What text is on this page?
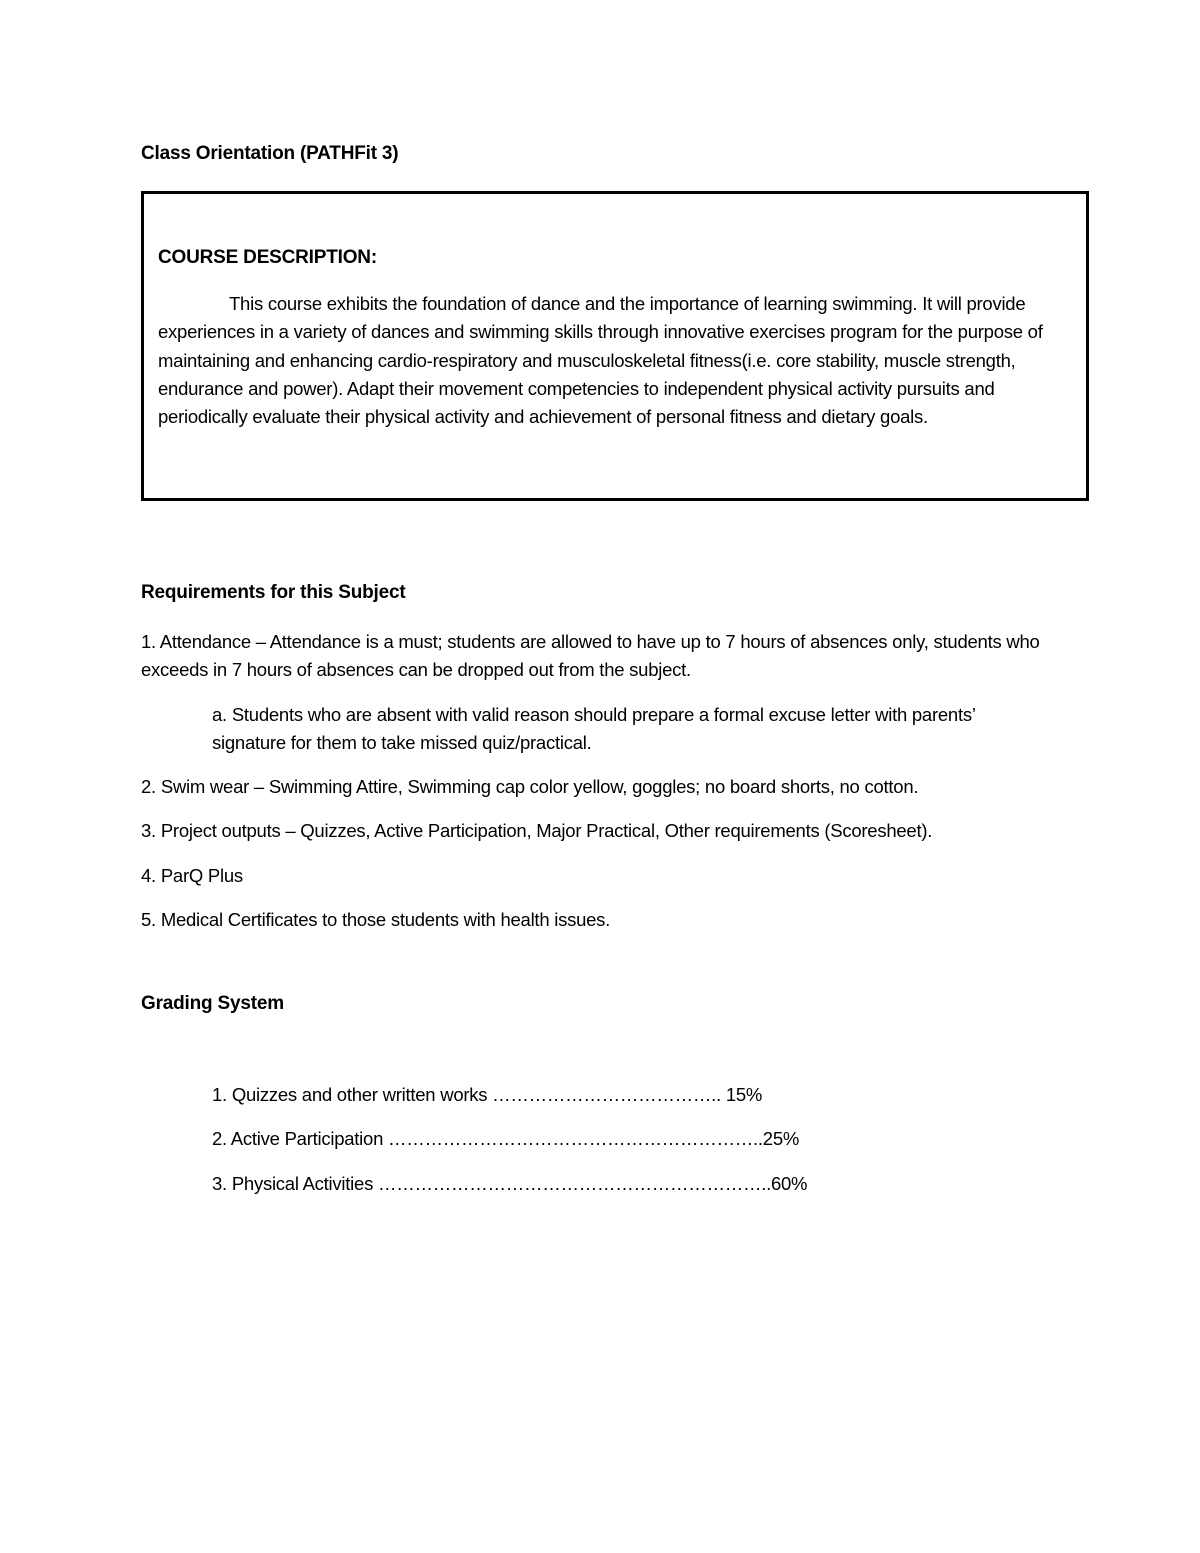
Class Orientation (PATHFit 3)
COURSE DESCRIPTION:
This course exhibits the foundation of dance and the importance of learning swimming. It will provide experiences in a variety of dances and swimming skills through innovative exercises program for the purpose of maintaining and enhancing cardio-respiratory and musculoskeletal fitness(i.e. core stability, muscle strength, endurance and power). Adapt their movement competencies to independent physical activity pursuits and periodically evaluate their physical activity and achievement of personal fitness and dietary goals.
Requirements for this Subject
1. Attendance – Attendance is a must; students are allowed to have up to 7 hours of absences only, students who exceeds in 7 hours of absences can be dropped out from the subject.
a. Students who are absent with valid reason should prepare a formal excuse letter with parents’ signature for them to take missed quiz/practical.
2. Swim wear – Swimming Attire, Swimming cap color yellow, goggles; no board shorts, no cotton.
3. Project outputs – Quizzes, Active Participation, Major Practical, Other requirements (Scoresheet).
4. ParQ Plus
5. Medical Certificates to those students with health issues.
Grading System
1. Quizzes and other written works ……………………………….. 15%
2. Active Participation ……………………………………………………..25%
3. Physical Activities ………………………………………………………..60%
